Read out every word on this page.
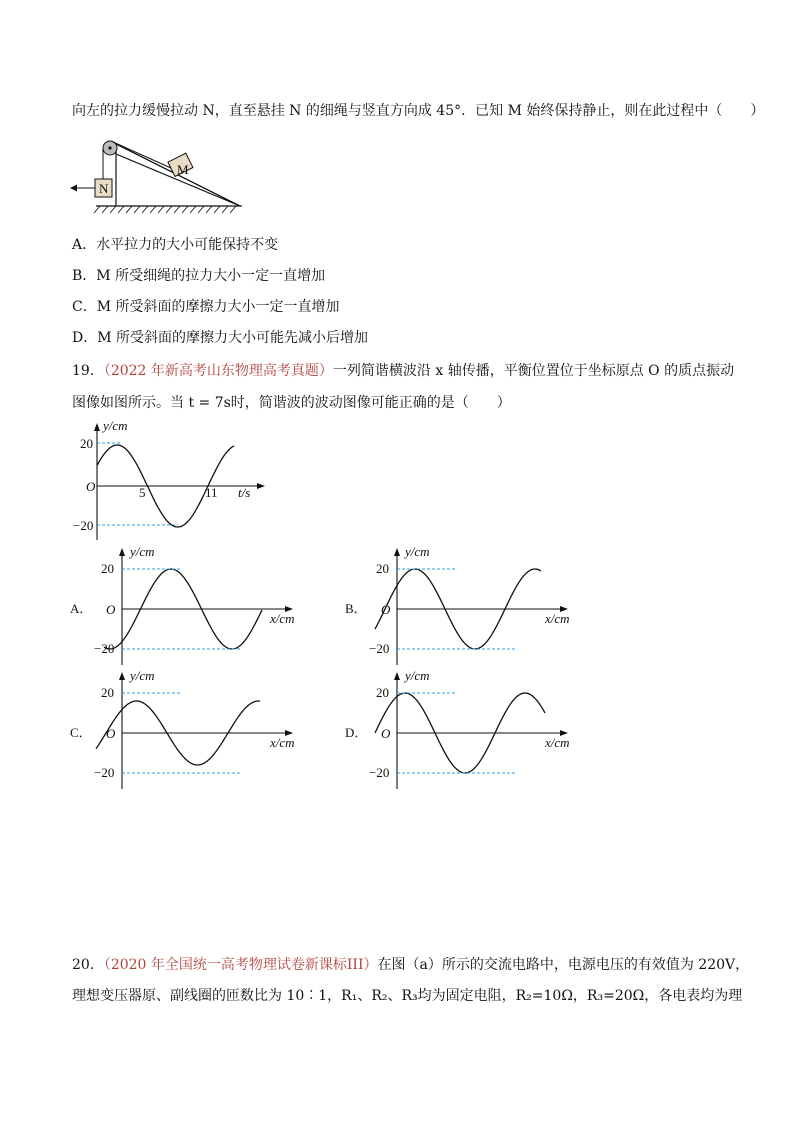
向左的拉力缓慢拉动 N，直至悬挂 N 的细绳与竖直方向成 45°．已知 M 始终保持静止，则在此过程中（　　）
N
M
A．水平拉力的大小可能保持不变
B．M 所受细绳的拉力大小一定一直增加
C．M 所受斜面的摩擦力大小一定一直增加
D．M 所受斜面的摩擦力大小可能先减小后增加
19．（2022 年新高考山东物理高考真题）一列简谐横波沿 x 轴传播，平衡位置位于坐标原点 O 的质点振动
图像如图所示。当 t = 7s时，简谐波的波动图像可能正确的是（　　）
y/cm
20
O
−20
5	11 t/s
A．
y/cm
20
O
−20
x/cm
B．
y/cm
20
O
−20
x/cm
C．
y/cm
20
O
−20
x/cm
D．
y/cm
20
O
−20
x/cm
20．（2020 年全国统一高考物理试卷新课标III）在图（a）所示的交流电路中，电源电压的有效值为 220V，
理想变压器原、副线圈的匝数比为 10∶1，R₁、R₂、R₃均为固定电阻，R₂=10Ω，R₃=20Ω，各电表均为理
